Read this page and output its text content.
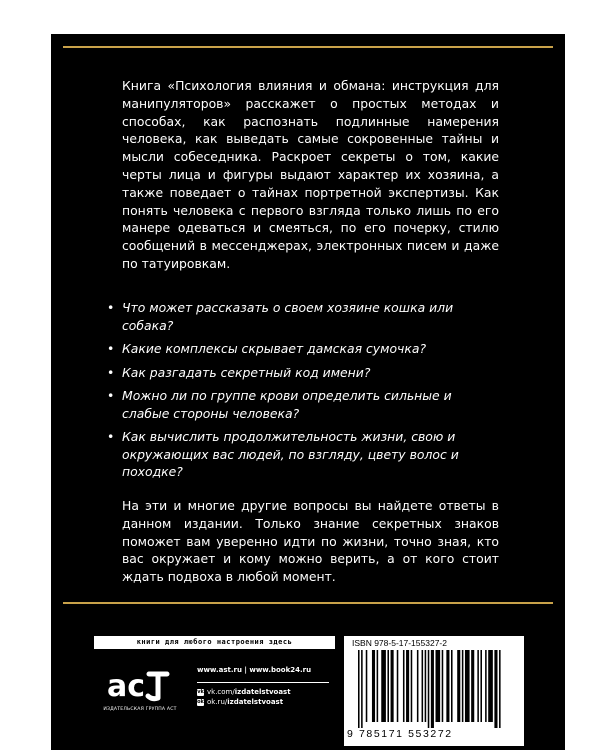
Книга «Психология влияния и обмана: инструкция для манипуляторов» расскажет о простых методах и способах, как распознать подлинные намерения человека, как выведать самые сокровенные тайны и мысли собеседника. Раскроет секреты о том, какие черты лица и фигуры выдают характер их хозяина, а также поведает о тайнах портретной экспертизы. Как понять человека с первого взгляда только лишь по его манере одеваться и смеяться, по его почерку, стилю сообщений в мессенджерах, электронных писем и даже по татуировкам.

• Что может рассказать о своем хозяине кошка или собака?
• Какие комплексы скрывает дамская сумочка?
• Как разгадать секретный код имени?
• Можно ли по группе крови определить сильные и слабые стороны человека?
• Как вычислить продолжительность жизни, свою и окружающих вас людей, по взгляду, цвету волос и походке?

На эти и многие другие вопросы вы найдете ответы в данном издании. Только знание секретных знаков поможет вам уверенно идти по жизни, точно зная, кто вас окружает и кому можно верить, а от кого стоит ждать подвоха в любой момент.

книги для любого настроения здесь
ac
ИЗДАТЕЛЬСКАЯ ГРУППА АСТ
www.ast.ru | www.book24.ru
vk vk.com/ izdatelstvoast
ok ok.ru/ izdatelstvoast
ISBN 978-5-17-155327-2
9 785171 553272
